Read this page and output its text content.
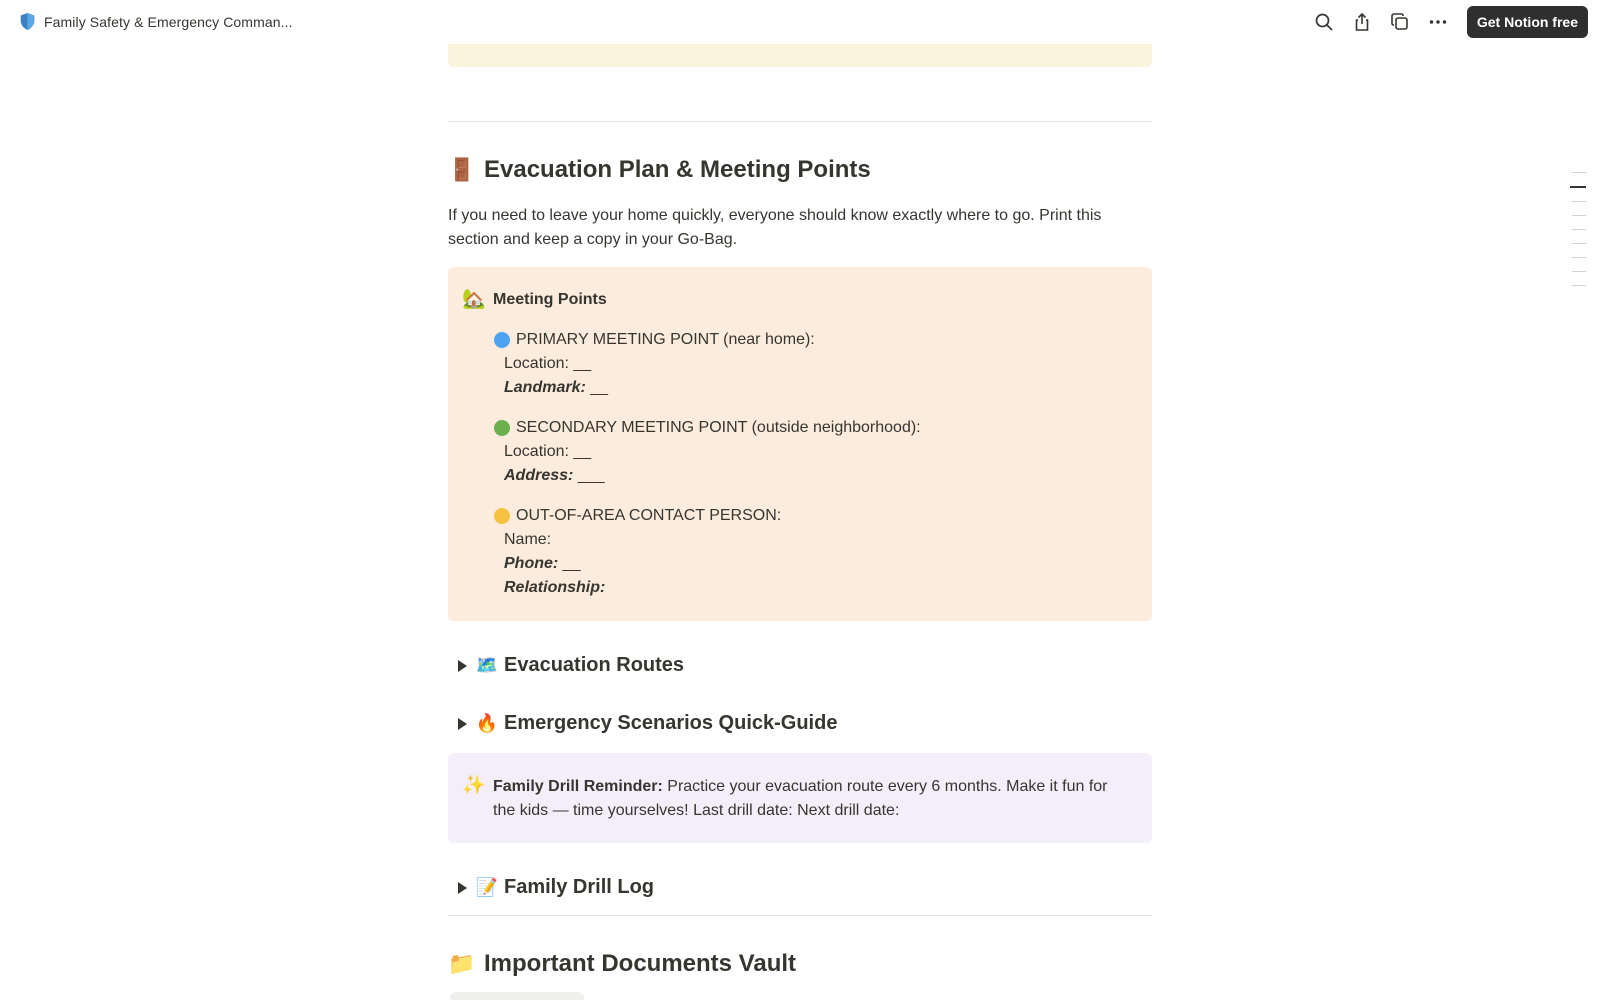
Family Safety & Emergency Comman...	Get Notion free
🚪 Evacuation Plan & Meeting Points
If you need to leave your home quickly, everyone should know exactly where to go. Print this section and keep a copy in your Go-Bag.
🏡 Meeting Points
PRIMARY MEETING POINT (near home):
Location: __
Landmark: __
SECONDARY MEETING POINT (outside neighborhood):
Location: __
Address: ___
OUT-OF-AREA CONTACT PERSON:
Name:
Phone: __
Relationship:
🗺️ Evacuation Routes
🔥 Emergency Scenarios Quick-Guide
✨ Family Drill Reminder: Practice your evacuation route every 6 months. Make it fun for the kids — time yourselves! Last drill date: Next drill date:
📝 Family Drill Log
📁 Important Documents Vault
